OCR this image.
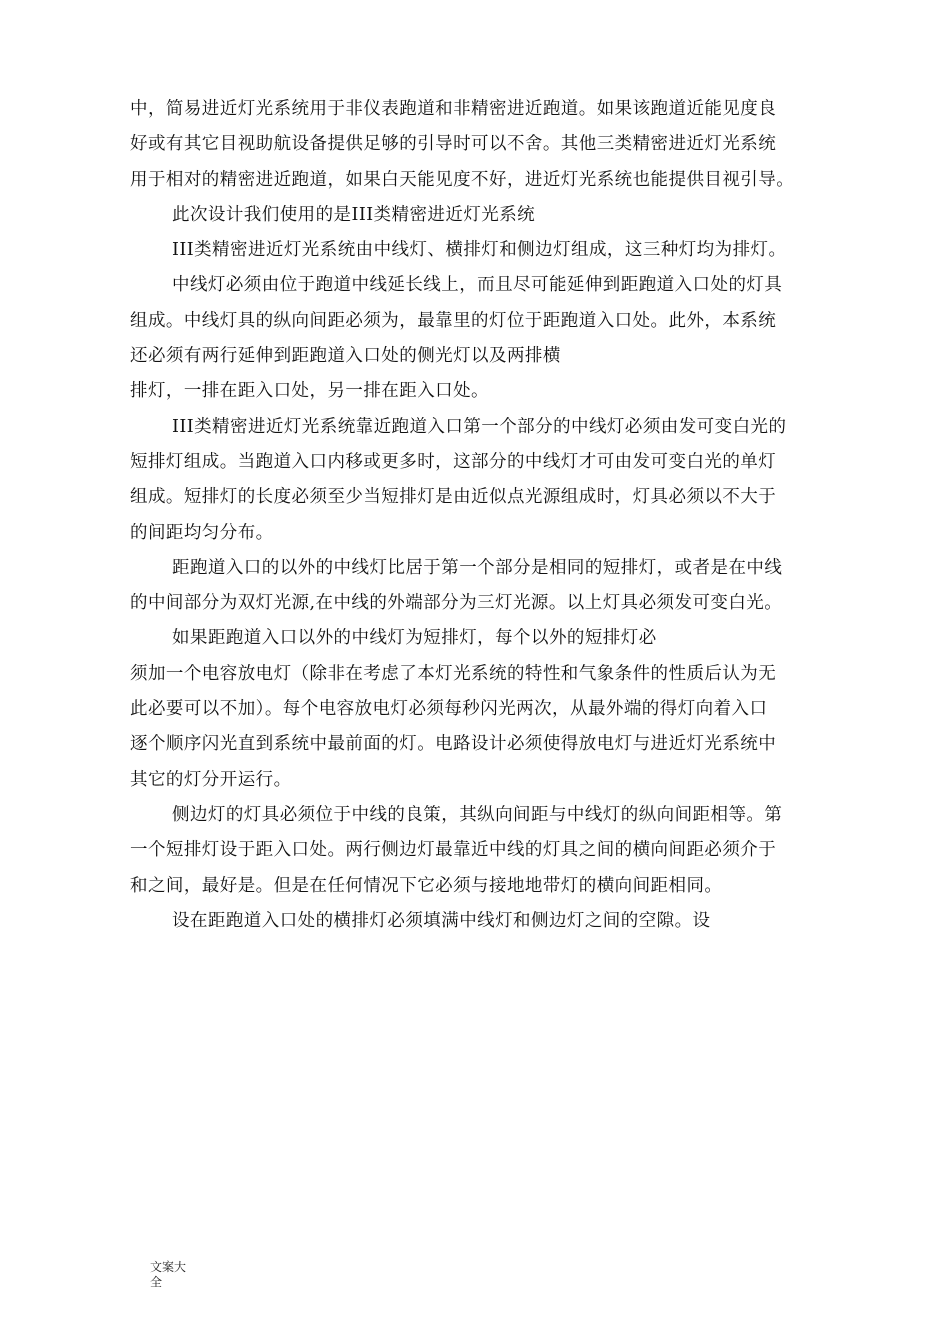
中，简易进近灯光系统用于非仪表跑道和非精密进近跑道。如果该跑道近能见度良
好或有其它目视助航设备提供足够的引导时可以不舍。其他三类精密进近灯光系统
用于相对的精密进近跑道，如果白天能见度不好，进近灯光系统也能提供目视引导。
此次设计我们使用的是III类精密进近灯光系统
III类精密进近灯光系统由中线灯、横排灯和侧边灯组成，这三种灯均为排灯。
中线灯必须由位于跑道中线延长线上，而且尽可能延伸到距跑道入口处的灯具
组成。中线灯具的纵向间距必须为，最靠里的灯位于距跑道入口处。此外，本系统
还必须有两行延伸到距跑道入口处的侧光灯以及两排横
排灯，一排在距入口处，另一排在距入口处。
III类精密进近灯光系统靠近跑道入口第一个部分的中线灯必须由发可变白光的
短排灯组成。当跑道入口内移或更多时，这部分的中线灯才可由发可变白光的单灯
组成。短排灯的长度必须至少当短排灯是由近似点光源组成时，灯具必须以不大于
的间距均匀分布。
距跑道入口的以外的中线灯比居于第一个部分是相同的短排灯，或者是在中线
的中间部分为双灯光源,在中线的外端部分为三灯光源。以上灯具必须发可变白光。
如果距跑道入口以外的中线灯为短排灯，每个以外的短排灯必
须加一个电容放电灯（除非在考虑了本灯光系统的特性和气象条件的性质后认为无
此必要可以不加）。每个电容放电灯必须每秒闪光两次，从最外端的得灯向着入口
逐个顺序闪光直到系统中最前面的灯。电路设计必须使得放电灯与进近灯光系统中
其它的灯分开运行。
侧边灯的灯具必须位于中线的良策，其纵向间距与中线灯的纵向间距相等。第
一个短排灯设于距入口处。两行侧边灯最靠近中线的灯具之间的横向间距必须介于
和之间，最好是。但是在任何情况下它必须与接地地带灯的横向间距相同。
设在距跑道入口处的横排灯必须填满中线灯和侧边灯之间的空隙。设
文案大
全
